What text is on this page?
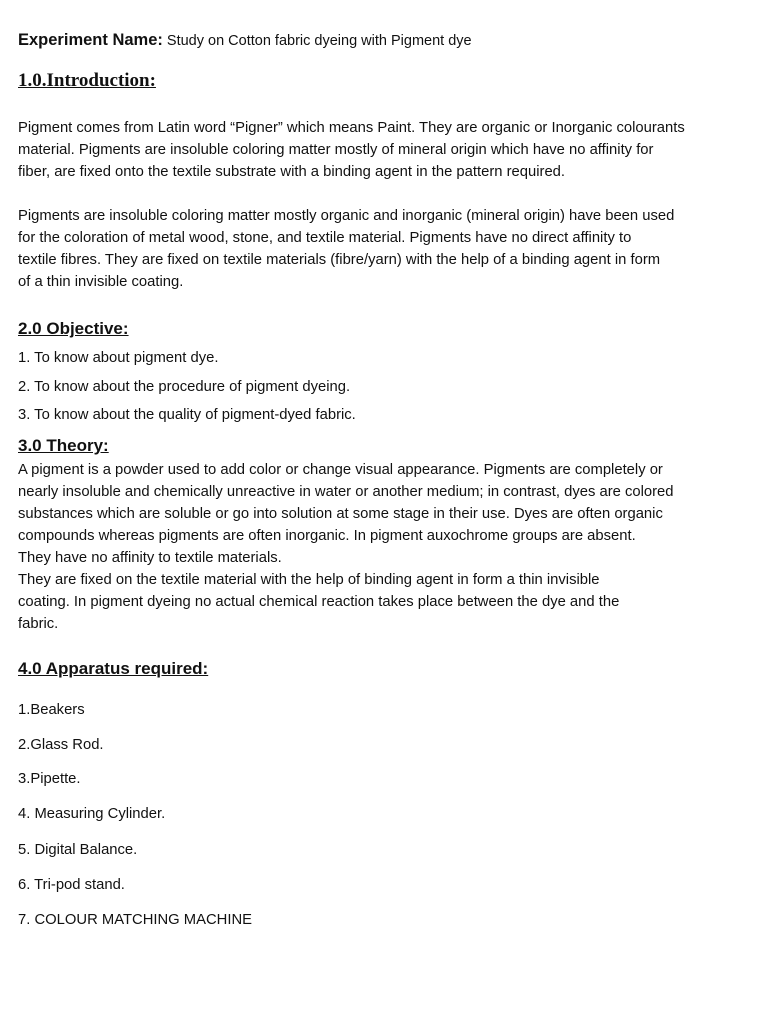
Experiment Name: Study on Cotton fabric dyeing with Pigment dye
1.0.Introduction:
Pigment comes from Latin word “Pigner” which means Paint. They are organic or Inorganic colourants
material. Pigments are insoluble coloring matter mostly of mineral origin which have no affinity for
fiber, are fixed onto the textile substrate with a binding agent in the pattern required.
Pigments are insoluble coloring matter mostly organic and inorganic (mineral origin) have been used
for the coloration of metal wood, stone, and textile material. Pigments have no direct affinity to
textile fibres. They are fixed on textile materials (fibre/yarn) with the help of a binding agent in form
of a thin invisible coating.
2.0 Objective:
1. To know about pigment dye.
2. To know about the procedure of pigment dyeing.
3. To know about the quality of pigment-dyed fabric.
3.0 Theory:
A pigment is a powder used to add color or change visual appearance. Pigments are completely or
nearly insoluble and chemically unreactive in water or another medium; in contrast, dyes are colored
substances which are soluble or go into solution at some stage in their use. Dyes are often organic
compounds whereas pigments are often inorganic. In pigment auxochrome groups are absent.
They have no affinity to textile materials.
They are fixed on the textile material with the help of binding agent in form a thin invisible
coating. In pigment dyeing no actual chemical reaction takes place between the dye and the
fabric.
4.0 Apparatus required:
1.Beakers
2.Glass Rod.
3.Pipette.
4. Measuring Cylinder.
5. Digital Balance.
6. Tri-pod stand.
7. COLOUR MATCHING MACHINE
